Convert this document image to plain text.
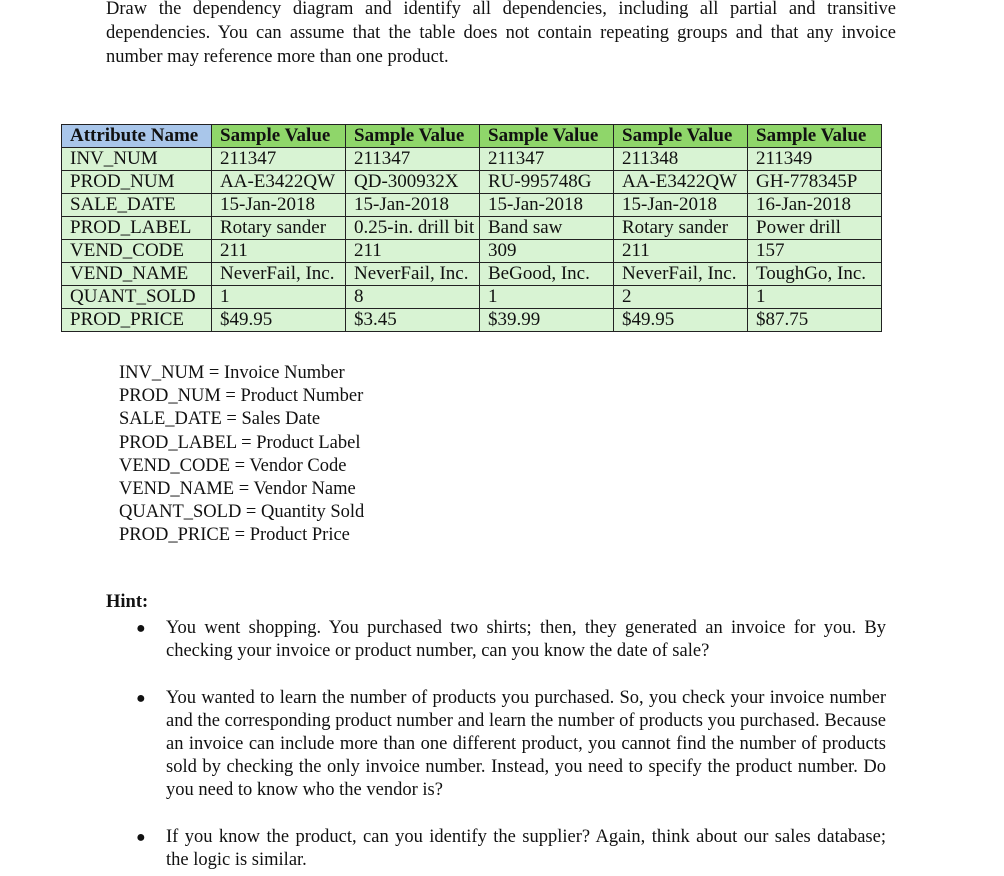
Draw the dependency diagram and identify all dependencies, including all partial and transitive dependencies. You can assume that the table does not contain repeating groups and that any invoice number may reference more than one product.

Attribute Name	Sample Value	Sample Value	Sample Value	Sample Value	Sample Value
INV_NUM	211347	211347	211347	211348	211349
PROD_NUM	AA-E3422QW	QD-300932X	RU-995748G	AA-E3422QW	GH-778345P
SALE_DATE	15-Jan-2018	15-Jan-2018	15-Jan-2018	15-Jan-2018	16-Jan-2018
PROD_LABEL	Rotary sander	0.25-in. drill bit	Band saw	Rotary sander	Power drill
VEND_CODE	211	211	309	211	157
VEND_NAME	NeverFail, Inc.	NeverFail, Inc.	BeGood, Inc.	NeverFail, Inc.	ToughGo, Inc.
QUANT_SOLD	1	8	1	2	1
PROD_PRICE	$49.95	$3.45	$39.99	$49.95	$87.75
INV_NUM = Invoice Number
PROD_NUM = Product Number
SALE_DATE = Sales Date
PROD_LABEL = Product Label
VEND_CODE = Vendor Code
VEND_NAME = Vendor Name
QUANT_SOLD = Quantity Sold
PROD_PRICE = Product Price

Hint:

● You went shopping. You purchased two shirts; then, they generated an invoice for you. By checking your invoice or product number, can you know the date of sale?
● You wanted to learn the number of products you purchased. So, you check your invoice number and the corresponding product number and learn the number of products you purchased. Because an invoice can include more than one different product, you cannot find the number of products sold by checking the only invoice number. Instead, you need to specify the product number. Do you need to know who the vendor is?
● If you know the product, can you identify the supplier? Again, think about our sales database; the logic is similar.
